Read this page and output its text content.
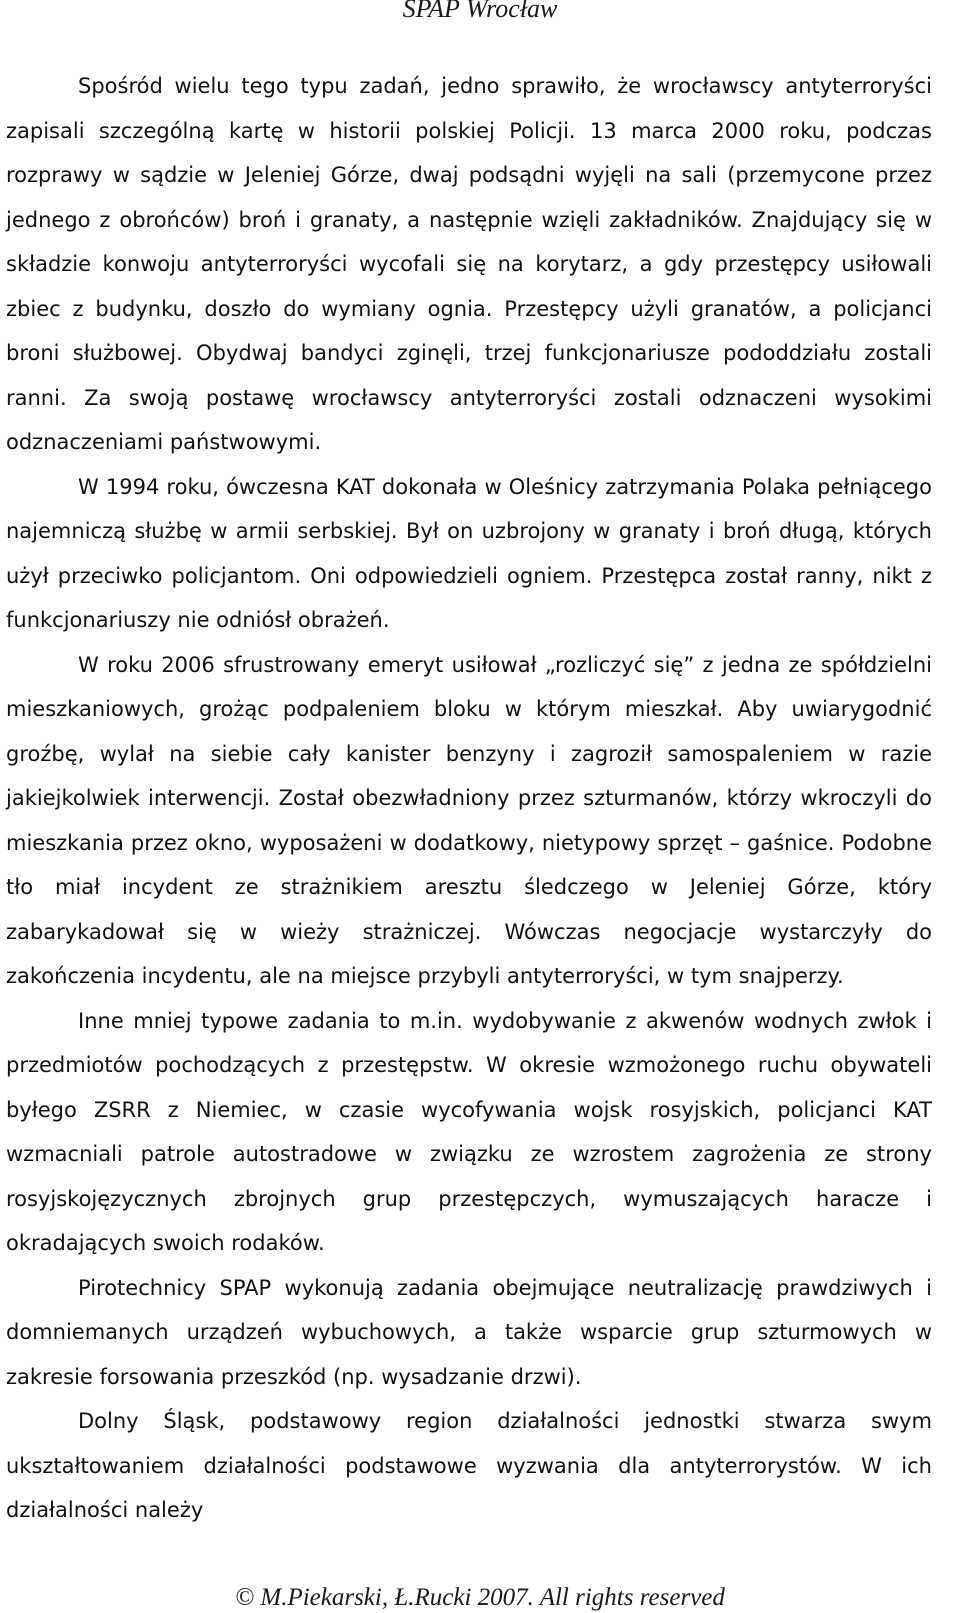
SPAP Wrocław

Spośród wielu tego typu zadań, jedno sprawiło, że wrocławscy antyterroryści zapisali szczególną kartę w historii polskiej Policji. 13 marca 2000 roku, podczas rozprawy w sądzie w Jeleniej Górze, dwaj podsądni wyjęli na sali (przemycone przez jednego z obrońców) broń i granaty, a następnie wzięli zakładników. Znajdujący się w składzie konwoju antyterroryści wycofali się na korytarz, a gdy przestępcy usiłowali zbiec z budynku, doszło do wymiany ognia. Przestępcy użyli granatów, a policjanci broni służbowej. Obydwaj bandyci zginęli, trzej funkcjonariusze pododdziału zostali ranni. Za swoją postawę wrocławscy antyterroryści zostali odznaczeni wysokimi odznaczeniami państwowymi.

W 1994 roku, ówczesna KAT dokonała w Oleśnicy zatrzymania Polaka pełniącego najemniczą służbę w armii serbskiej. Był on uzbrojony w granaty i broń długą, których użył przeciwko policjantom. Oni odpowiedzieli ogniem. Przestępca został ranny, nikt z funkcjonariuszy nie odniósł obrażeń.

W roku 2006 sfrustrowany emeryt usiłował „rozliczyć się” z jedna ze spółdzielni mieszkaniowych, grożąc podpaleniem bloku w którym mieszkał. Aby uwiarygodnić groźbę, wylał na siebie cały kanister benzyny i zagroził samospaleniem w razie jakiejkolwiek interwencji. Został obezwładniony przez szturmanów, którzy wkroczyli do mieszkania przez okno, wyposażeni w dodatkowy, nietypowy sprzęt – gaśnice. Podobne tło miał incydent ze strażnikiem aresztu śledczego w Jeleniej Górze, który zabarykadował się w wieży strażniczej. Wówczas negocjacje wystarczyły do zakończenia incydentu, ale na miejsce przybyli antyterroryści, w tym snajperzy.

Inne mniej typowe zadania to m.in. wydobywanie z akwenów wodnych zwłok i przedmiotów pochodzących z przestępstw. W okresie wzmożonego ruchu obywateli byłego ZSRR z Niemiec, w czasie wycofywania wojsk rosyjskich, policjanci KAT wzmacniali patrole autostradowe w związku ze wzrostem zagrożenia ze strony rosyjskojęzycznych zbrojnych grup przestępczych, wymuszających haracze i okradających swoich rodaków.

Pirotechnicy SPAP wykonują zadania obejmujące neutralizację prawdziwych i domniemanych urządzeń wybuchowych, a także wsparcie grup szturmowych w zakresie forsowania przeszkód (np. wysadzanie drzwi).

Dolny Śląsk, podstawowy region działalności jednostki stwarza swym ukształtowaniem działalności podstawowe wyzwania dla antyterrorystów. W ich działalności należy

© M.Piekarski, Ł.Rucki 2007. All rights reserved
